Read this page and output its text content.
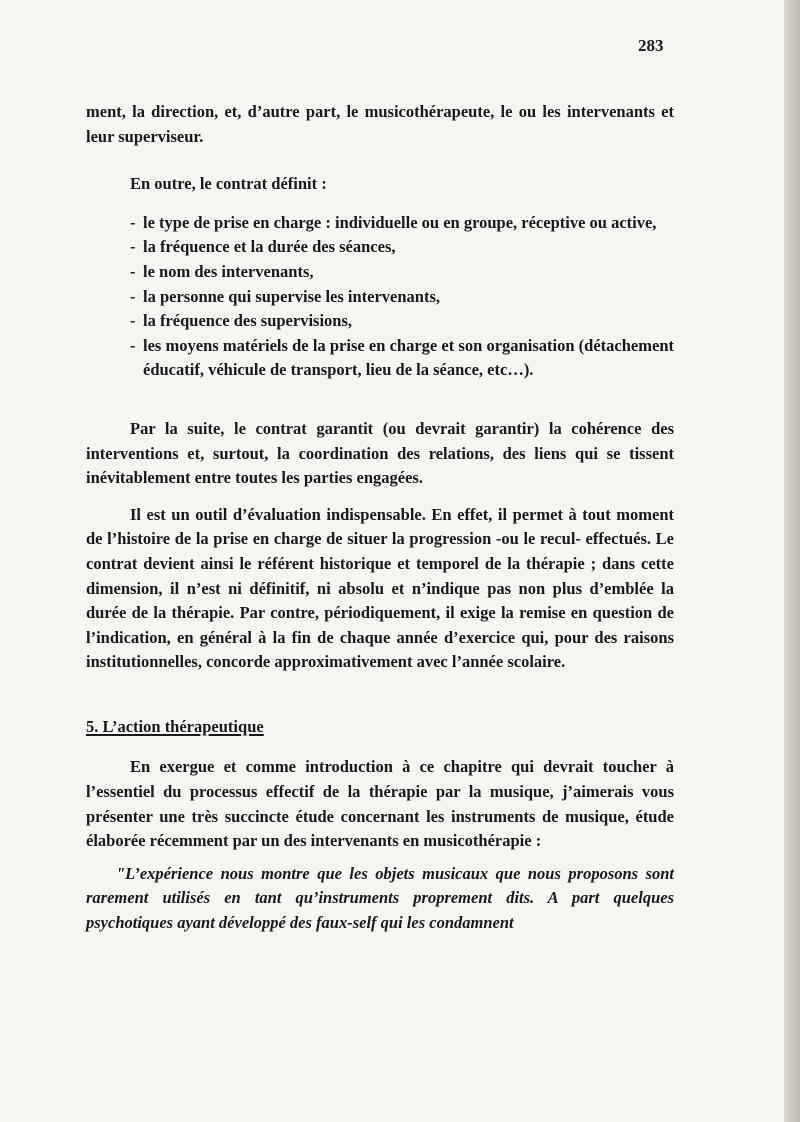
283

ment, la direction, et, d’autre part, le musicothérapeute, le ou les intervenants et leur superviseur.

En outre, le contrat définit :

- le type de prise en charge : individuelle ou en groupe, réceptive ou active,
- la fréquence et la durée des séances,
- le nom des intervenants,
- la personne qui supervise les intervenants,
- la fréquence des supervisions,
- les moyens matériels de la prise en charge et son organisation (détachement éducatif, véhicule de transport, lieu de la séance, etc…).

Par la suite, le contrat garantit (ou devrait garantir) la cohérence des interventions et, surtout, la coordination des relations, des liens qui se tissent inévitablement entre toutes les parties engagées.

Il est un outil d’évaluation indispensable. En effet, il permet à tout moment de l’histoire de la prise en charge de situer la progression -ou le recul- effectués. Le contrat devient ainsi le référent historique et temporel de la thérapie ; dans cette dimension, il n’est ni définitif, ni absolu et n’indique pas non plus d’emblée la durée de la thérapie. Par contre, périodiquement, il exige la remise en question de l’indication, en général à la fin de chaque année d’exercice qui, pour des raisons institutionnelles, concorde approximativement avec l’année scolaire.

5. L’action thérapeutique

En exergue et comme introduction à ce chapitre qui devrait toucher à l’essentiel du processus effectif de la thérapie par la musique, j’aimerais vous présenter une très succincte étude concernant les instruments de musique, étude élaborée récemment par un des intervenants en musicothérapie :

"L’expérience nous montre que les objets musicaux que nous proposons sont rarement utilisés en tant qu’instruments proprement dits. A part quelques psychotiques ayant développé des faux-self qui les condamnent
